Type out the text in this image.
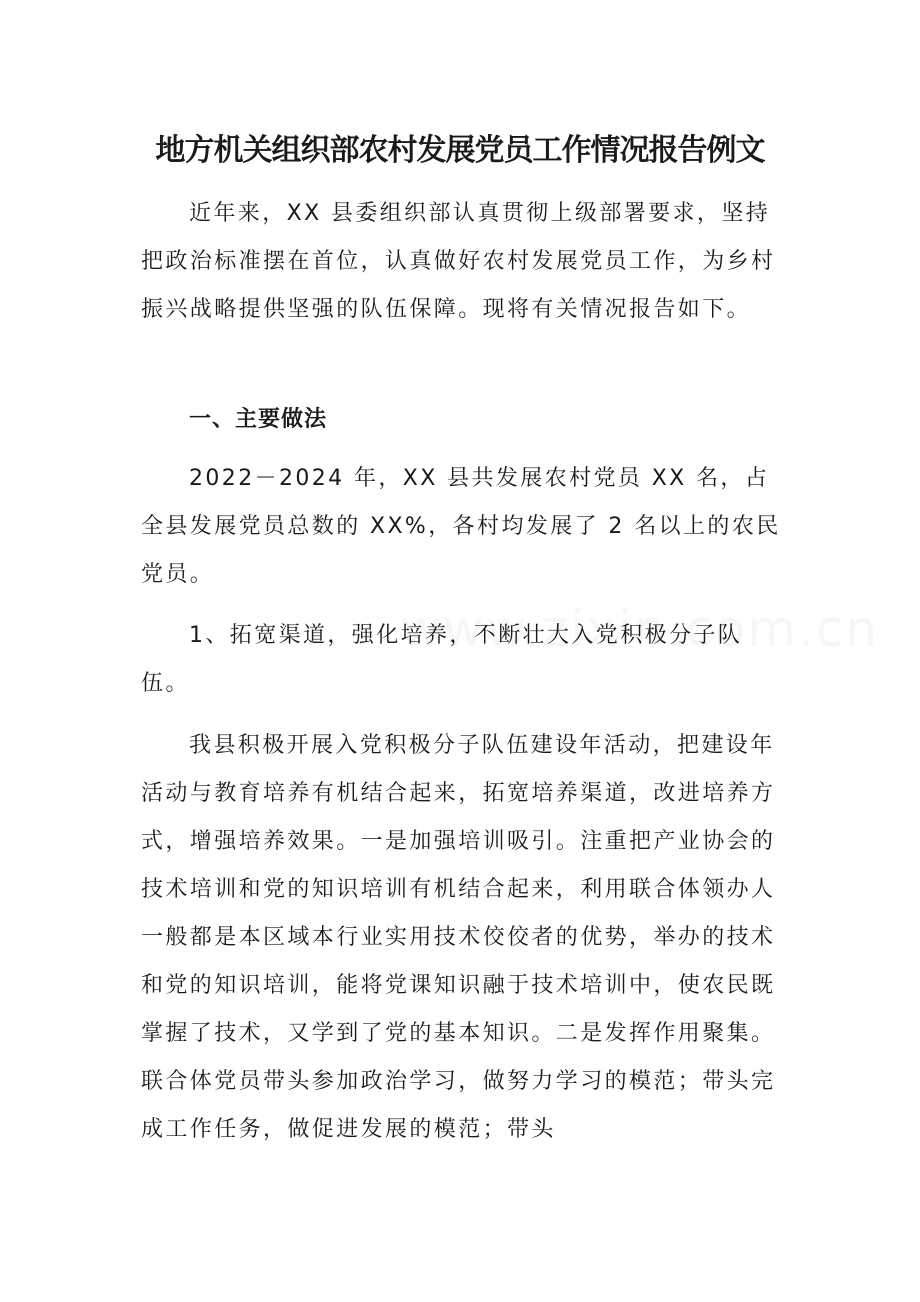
地方机关组织部农村发展党员工作情况报告例文

近年来，XX 县委组织部认真贯彻上级部署要求，坚持把政治标准摆在首位，认真做好农村发展党员工作，为乡村振兴战略提供坚强的队伍保障。现将有关情况报告如下。

一、主要做法

2022－2024 年，XX 县共发展农村党员 XX 名，占全县发展党员总数的 XX%，各村均发展了 2 名以上的农民党员。

1、拓宽渠道，强化培养，不断壮大入党积极分子队伍。

我县积极开展入党积极分子队伍建设年活动，把建设年活动与教育培养有机结合起来，拓宽培养渠道，改进培养方式，增强培养效果。一是加强培训吸引。注重把产业协会的技术培训和党的知识培训有机结合起来，利用联合体领办人一般都是本区域本行业实用技术佼佼者的优势，举办的技术和党的知识培训，能将党课知识融于技术培训中，使农民既掌握了技术，又学到了党的基本知识。二是发挥作用聚集。联合体党员带头参加政治学习，做努力学习的模范；带头完成工作任务，做促进发展的模范；带头
